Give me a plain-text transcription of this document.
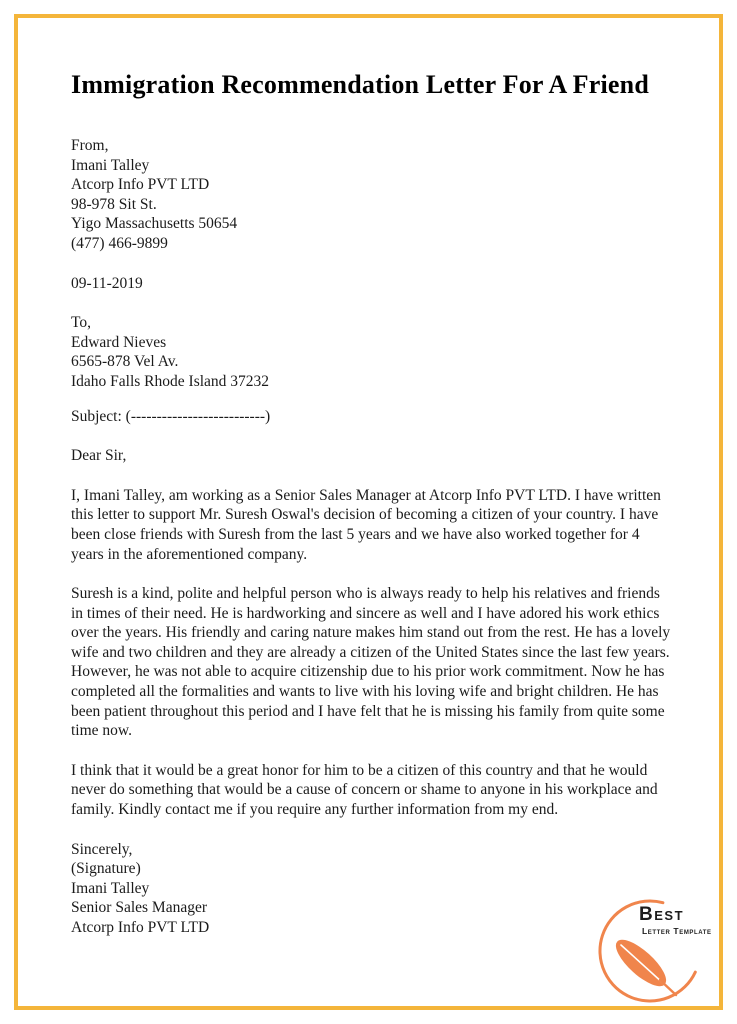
Immigration Recommendation Letter For A Friend
From,
Imani Talley
Atcorp Info PVT LTD
98-978 Sit St.
Yigo Massachusetts 50654
(477) 466-9899
09-11-2019
To,
Edward Nieves
6565-878 Vel Av.
Idaho Falls Rhode Island 37232
Subject: (--------------------------)
Dear Sir,

I, Imani Talley, am working as a Senior Sales Manager at Atcorp Info PVT LTD. I have written this letter to support Mr. Suresh Oswal's decision of becoming a citizen of your country. I have been close friends with Suresh from the last 5 years and we have also worked together for 4 years in the aforementioned company.

Suresh is a kind, polite and helpful person who is always ready to help his relatives and friends in times of their need. He is hardworking and sincere as well and I have adored his work ethics over the years. His friendly and caring nature makes him stand out from the rest. He has a lovely wife and two children and they are already a citizen of the United States since the last few years. However, he was not able to acquire citizenship due to his prior work commitment. Now he has completed all the formalities and wants to live with his loving wife and bright children. He has been patient throughout this period and I have felt that he is missing his family from quite some time now.

I think that it would be a great honor for him to be a citizen of this country and that he would never do something that would be a cause of concern or shame to anyone in his workplace and family. Kindly contact me if you require any further information from my end.

Sincerely,
(Signature)
Imani Talley
Senior Sales Manager
Atcorp Info PVT LTD
Best
Letter Template
